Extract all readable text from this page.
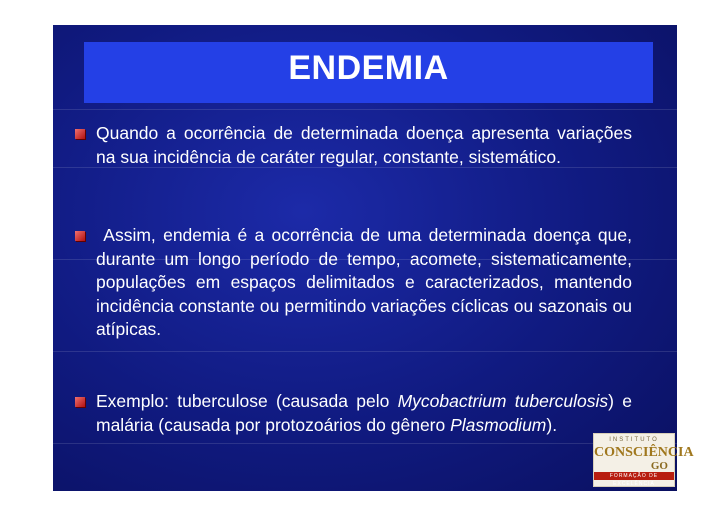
ENDEMIA
Quando a ocorrência de determinada doença apresenta variações na sua incidência de caráter regular, constante, sistemático.
Assim, endemia é a ocorrência de uma determinada doença que, durante um longo período de tempo, acomete, sistematicamente, populações em espaços delimitados e caracterizados, mantendo incidência constante ou permitindo variações cíclicas ou sazonais ou atípicas.
Exemplo: tuberculose (causada pelo Mycobactrium tuberculosis) e malária (causada por protozoários do gênero Plasmodium).
INSTITUTO
CONSCIÊNCIA
GO
FORMAÇÃO DE EXCELÊNCIA
